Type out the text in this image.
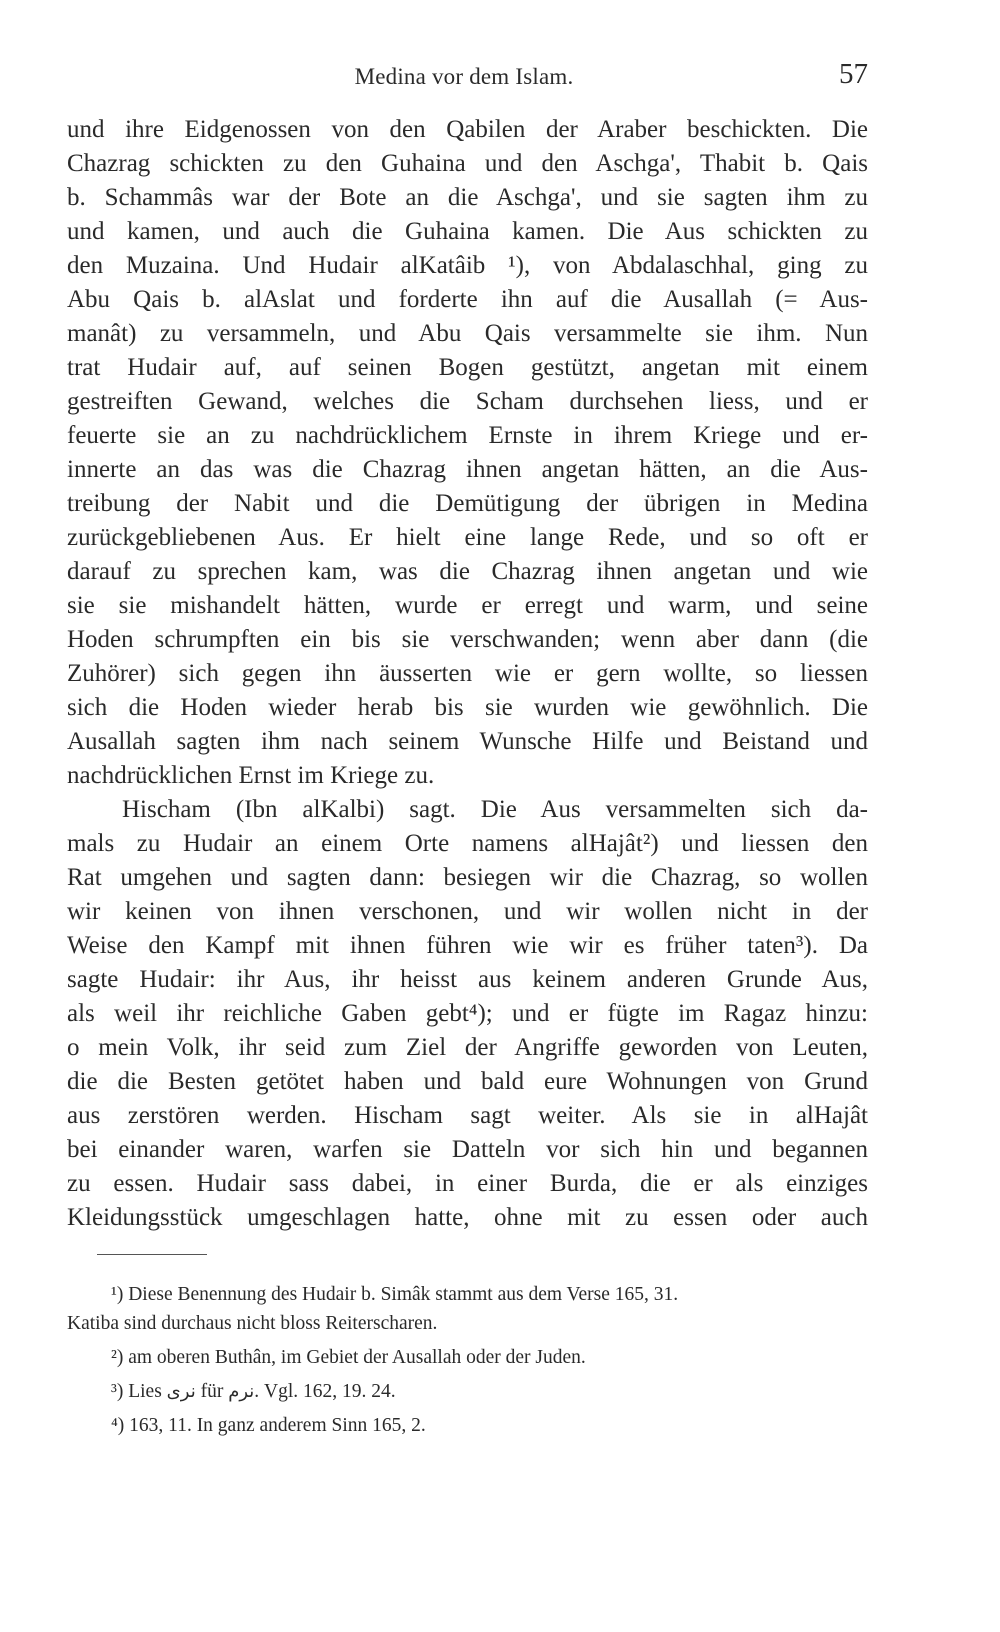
Medina vor dem Islam.	57
und ihre Eidgenossen von den Qabilen der Araber beschickten. Die
Chazrag schickten zu den Guhaina und den Aschga', Thabit b. Qais
b. Schammâs war der Bote an die Aschga', und sie sagten ihm zu
und kamen, und auch die Guhaina kamen. Die Aus schickten zu
den Muzaina. Und Hudair alKatâib ¹), von Abdalaschhal, ging zu
Abu Qais b. alAslat und forderte ihn auf die Ausallah (= Aus-
manât) zu versammeln, und Abu Qais versammelte sie ihm. Nun
trat Hudair auf, auf seinen Bogen gestützt, angetan mit einem
gestreiften Gewand, welches die Scham durchsehen liess, und er
feuerte sie an zu nachdrücklichem Ernste in ihrem Kriege und er-
innerte an das was die Chazrag ihnen angetan hätten, an die Aus-
treibung der Nabit und die Demütigung der übrigen in Medina
zurückgebliebenen Aus. Er hielt eine lange Rede, und so oft er
darauf zu sprechen kam, was die Chazrag ihnen angetan und wie
sie sie mishandelt hätten, wurde er erregt und warm, und seine
Hoden schrumpften ein bis sie verschwanden; wenn aber dann (die
Zuhörer) sich gegen ihn äusserten wie er gern wollte, so liessen
sich die Hoden wieder herab bis sie wurden wie gewöhnlich. Die
Ausallah sagten ihm nach seinem Wunsche Hilfe und Beistand und
nachdrücklichen Ernst im Kriege zu.
Hischam (Ibn alKalbi) sagt. Die Aus versammelten sich da-
mals zu Hudair an einem Orte namens alHajât²) und liessen den
Rat umgehen und sagten dann: besiegen wir die Chazrag, so wollen
wir keinen von ihnen verschonen, und wir wollen nicht in der
Weise den Kampf mit ihnen führen wie wir es früher taten³). Da
sagte Hudair: ihr Aus, ihr heisst aus keinem anderen Grunde Aus,
als weil ihr reichliche Gaben gebt⁴); und er fügte im Ragaz hinzu:
o mein Volk, ihr seid zum Ziel der Angriffe geworden von Leuten,
die die Besten getötet haben und bald eure Wohnungen von Grund
aus zerstören werden. Hischam sagt weiter. Als sie in alHajât
bei einander waren, warfen sie Datteln vor sich hin und begannen
zu essen. Hudair sass dabei, in einer Burda, die er als einziges
Kleidungsstück umgeschlagen hatte, ohne mit zu essen oder auch
¹) Diese Benennung des Hudair b. Simâk stammt aus dem Verse 165, 31.
Katiba sind durchaus nicht bloss Reiterscharen.
²) am oberen Buthân, im Gebiet der Ausallah oder der Juden.
³) Lies نرى für نرم. Vgl. 162, 19. 24.
⁴) 163, 11. In ganz anderem Sinn 165, 2.
